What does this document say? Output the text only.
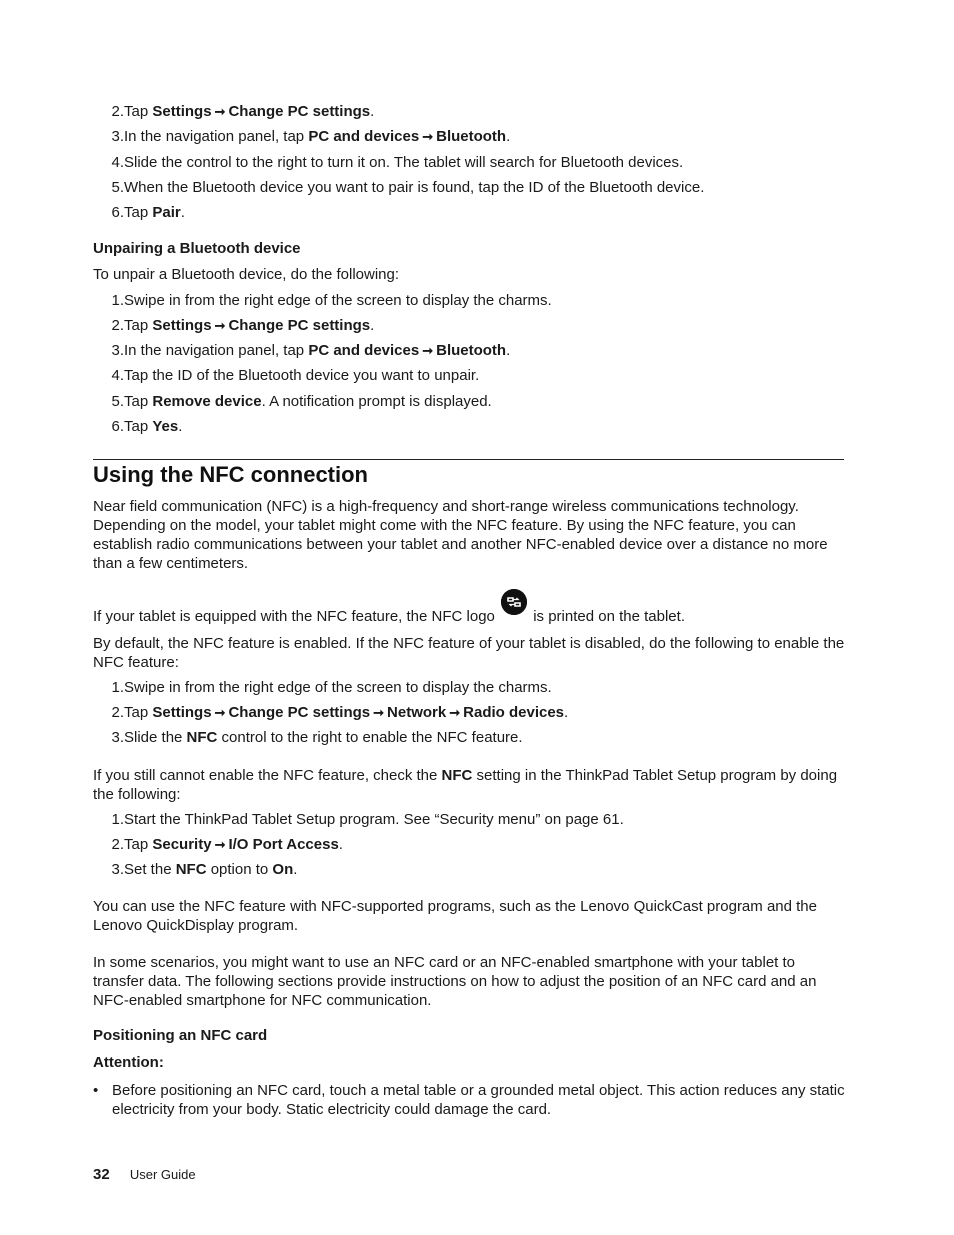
2. Tap Settings ➞ Change PC settings.
3. In the navigation panel, tap PC and devices ➞ Bluetooth.
4. Slide the control to the right to turn it on. The tablet will search for Bluetooth devices.
5. When the Bluetooth device you want to pair is found, tap the ID of the Bluetooth device.
6. Tap Pair.
Unpairing a Bluetooth device
To unpair a Bluetooth device, do the following:
1. Swipe in from the right edge of the screen to display the charms.
2. Tap Settings ➞ Change PC settings.
3. In the navigation panel, tap PC and devices ➞ Bluetooth.
4. Tap the ID of the Bluetooth device you want to unpair.
5. Tap Remove device. A notification prompt is displayed.
6. Tap Yes.
Using the NFC connection
Near field communication (NFC) is a high-frequency and short-range wireless communications technology. Depending on the model, your tablet might come with the NFC feature. By using the NFC feature, you can establish radio communications between your tablet and another NFC-enabled device over a distance no more than a few centimeters.
If your tablet is equipped with the NFC feature, the NFC logo	is printed on the tablet.
By default, the NFC feature is enabled. If the NFC feature of your tablet is disabled, do the following to enable the NFC feature:
1. Swipe in from the right edge of the screen to display the charms.
2. Tap Settings ➞ Change PC settings ➞ Network ➞ Radio devices.
3. Slide the NFC control to the right to enable the NFC feature.
If you still cannot enable the NFC feature, check the NFC setting in the ThinkPad Tablet Setup program by doing the following:
1. Start the ThinkPad Tablet Setup program. See “Security menu” on page 61.
2. Tap Security ➞ I/O Port Access.
3. Set the NFC option to On.
You can use the NFC feature with NFC-supported programs, such as the Lenovo QuickCast program and the Lenovo QuickDisplay program.
In some scenarios, you might want to use an NFC card or an NFC-enabled smartphone with your tablet to transfer data. The following sections provide instructions on how to adjust the position of an NFC card and an NFC-enabled smartphone for NFC communication.
Positioning an NFC card
Attention:
• Before positioning an NFC card, touch a metal table or a grounded metal object. This action reduces any static electricity from your body. Static electricity could damage the card.
32 User Guide
